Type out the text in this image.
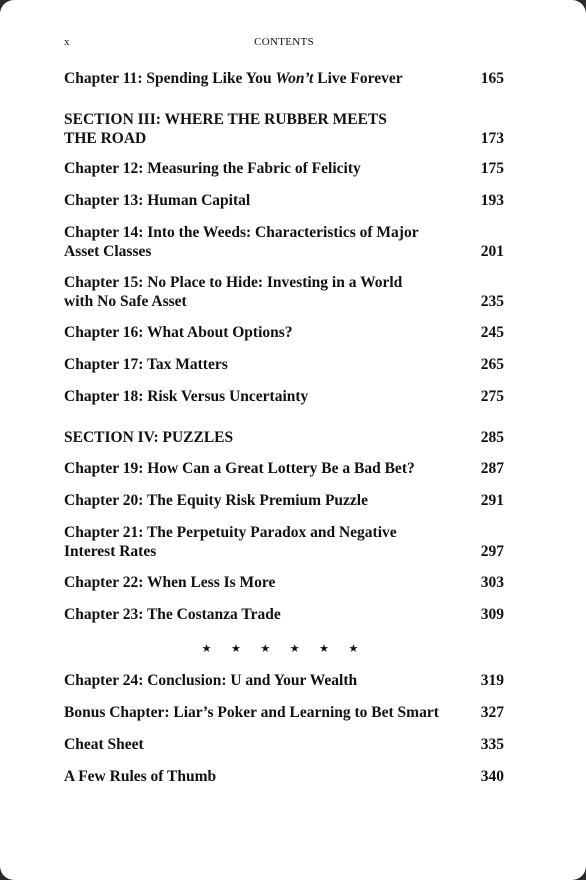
x	CONTENTS
Chapter 11: Spending Like You Won’t Live Forever	165
SECTION III: WHERE THE RUBBER MEETS
THE ROAD	173
Chapter 12: Measuring the Fabric of Felicity	175
Chapter 13: Human Capital	193
Chapter 14: Into the Weeds: Characteristics of Major
Asset Classes	201
Chapter 15: No Place to Hide: Investing in a World
with No Safe Asset	235
Chapter 16: What About Options?	245
Chapter 17: Tax Matters	265
Chapter 18: Risk Versus Uncertainty	275
SECTION IV: PUZZLES	285
Chapter 19: How Can a Great Lottery Be a Bad Bet?	287
Chapter 20: The Equity Risk Premium Puzzle	291
Chapter 21: The Perpetuity Paradox and Negative
Interest Rates	297
Chapter 22: When Less Is More	303
Chapter 23: The Costanza Trade	309
Chapter 24: Conclusion: U and Your Wealth	319
Bonus Chapter: Liar’s Poker and Learning to Bet Smart	327
Cheat Sheet	335
A Few Rules of Thumb	340
★ ★ ★ ★ ★ ★
